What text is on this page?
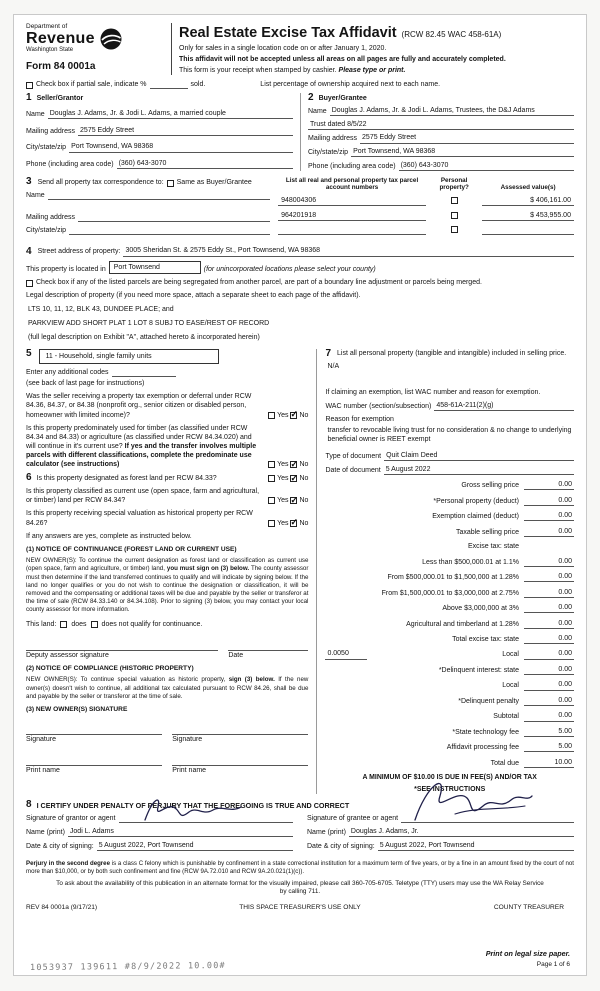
Department of
Revenue
Washington State
Form 84 0001a
Real Estate Excise Tax Affidavit (RCW 82.45 WAC 458-61A)
Only for sales in a single location code on or after January 1, 2020.
This affidavit will not be accepted unless all areas on all pages are fully and accurately completed.
This form is your receipt when stamped by cashier. Please type or print.
Check box if partial sale, indicate %	sold.	List percentage of ownership acquired next to each name.
1 Seller/Grantor
Name Douglas J. Adams, Jr. & Jodi L. Adams, a married couple
Mailing address 2575 Eddy Street
City/state/zip Port Townsend, WA 98368
Phone (including area code) (360) 643-3070
2 Buyer/Grantee
Name Douglas J. Adams, Jr. & Jodi L. Adams, Trustees, the D&J Adams
Trust dated 8/5/22
Mailing address 2575 Eddy Street
City/state/zip Port Townsend, WA 98368
Phone (including area code) (360) 643-3070
3 Send all property tax correspondence to: Same as Buyer/Grantee
Name
Mailing address
City/state/zip
List all real and personal property tax parcel account numbers
Personal property?	Assessed value(s)
948004306	$ 406,161.00
964201918	$ 453,955.00
4 Street address of property: 3005 Sheridan St. & 2575 Eddy St., Port Townsend, WA 98368
This property is located in	Port Townsend	(for unincorporated locations please select your county)
Check box if any of the listed parcels are being segregated from another parcel, are part of a boundary line adjustment or parcels being merged.
Legal description of property (if you need more space, attach a separate sheet to each page of the affidavit).
LTS 10, 11, 12, BLK 43, DUNDEE PLACE; and
PARKVIEW ADD SHORT PLAT 1 LOT 8 SUBJ TO EASE/REST OF RECORD
(full legal description on Exhibit "A", attached hereto & incorporated herein)
5	11 - Household, single family units
Enter any additional codes
(see back of last page for instructions)
Was the seller receiving a property tax exemption or deferral under RCW 84.36, 84.37, or 84.38 (nonprofit org., senior citizen or disabled person, homeowner with limited income)?	Yes ✓ No
Is this property predominately used for timber (as classified under RCW 84.34 and 84.33) or agriculture (as classified under RCW 84.34.020) and will continue in it's current use? If yes and the transfer involves multiple parcels with different classifications, complete the predominate use calculator (see instructions)	Yes ✓ No
6 Is this property designated as forest land per RCW 84.33?	Yes ✓ No
Is this property classified as current use (open space, farm and agricultural, or timber) land per RCW 84.34?	Yes ✓ No
Is this property receiving special valuation as historical property per RCW 84.26?	Yes ✓ No
If any answers are yes, complete as instructed below.
(1) NOTICE OF CONTINUANCE (FOREST LAND OR CURRENT USE)
NEW OWNER(S): To continue the current designation as forest land or classification as current use (open space, farm and agriculture, or timber) land, you must sign on (3) below. The county assessor must then determine if the land transferred continues to qualify and will indicate by signing below. If the land no longer qualifies or you do not wish to continue the designation or classification, it will be removed and the compensating or additional taxes will be due and payable by the seller or transferor at the time of sale (RCW 84.33.140 or 84.34.108). Prior to signing (3) below, you may contact your local county assessor for more information.
This land: does does not qualify for continuance.
Deputy assessor signature	Date
(2) NOTICE OF COMPLIANCE (HISTORIC PROPERTY)
NEW OWNER(S): To continue special valuation as historic property, sign (3) below. If the new owner(s) doesn't wish to continue, all additional tax calculated pursuant to RCW 84.26, shall be due and payable by the seller or transferor at the time of sale.
(3) NEW OWNER(S) SIGNATURE
Signature	Signature
Print name	Print name
7 List all personal property (tangible and intangible) included in selling price.
N/A
If claiming an exemption, list WAC number and reason for exemption.
WAC number (section/subsection) 458-61A-211(2)(g)
Reason for exemption
transfer to revocable living trust for no consideration & no change to underlying beneficial owner is REET exempt
Type of document Quit Claim Deed
Date of document 5 August 2022
Gross selling price	0.00
*Personal property (deduct)	0.00
Exemption claimed (deduct)	0.00
Taxable selling price	0.00
Excise tax: state
Less than $500,000.01 at 1.1%	0.00
From $500,000.01 to $1,500,000 at 1.28%	0.00
From $1,500,000.01 to $3,000,000 at 2.75%	0.00
Above $3,000,000 at 3%	0.00
Agricultural and timberland at 1.28%	0.00
Total excise tax: state	0.00
0.0050	Local	0.00
*Delinquent interest: state	0.00
Local	0.00
*Delinquent penalty	0.00
Subtotal	0.00
*State technology fee	5.00
Affidavit processing fee	5.00
Total due	10.00
A MINIMUM OF $10.00 IS DUE IN FEE(S) AND/OR TAX
*SEE INSTRUCTIONS
8 I CERTIFY UNDER PENALTY OF PERJURY THAT THE FOREGOING IS TRUE AND CORRECT
Signature of grantor or agent
Name (print) Jodi L. Adams
Date & city of signing: 5 August 2022, Port Townsend
Signature of grantee or agent
Name (print) Douglas J. Adams, Jr.
Date & city of signing: 5 August 2022, Port Townsend
Perjury in the second degree is a class C felony which is punishable by confinement in a state correctional institution for a maximum term of five years, or by a fine in an amount fixed by the court of not more than $10,000, or by both such confinement and fine (RCW 9A.72.010 and RCW 9A.20.021(1)(c)).
To ask about the availability of this publication in an alternate format for the visually impaired, please call 360-705-6705. Teletype (TTY) users may use the WA Relay Service by calling 711.
REV 84 0001a (9/17/21)	THIS SPACE TREASURER'S USE ONLY	COUNTY TREASURER
Print on legal size paper.
Page 1 of 6
1053937 139611 #8/9/2022 10.00#
